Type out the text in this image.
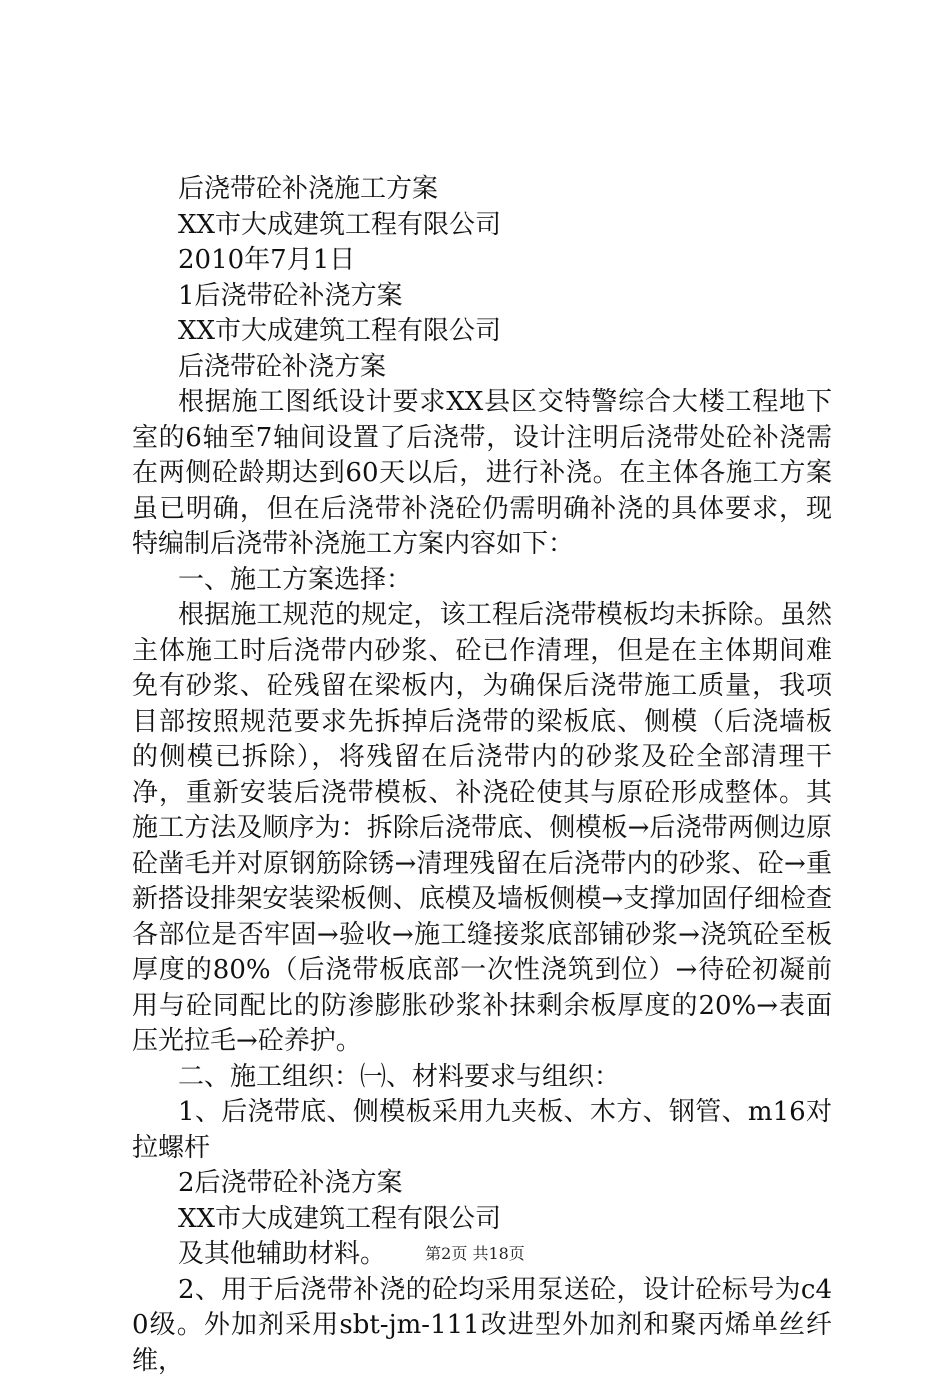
后浇带砼补浇施工方案
XX市大成建筑工程有限公司
2010年7月1日
1后浇带砼补浇方案
XX市大成建筑工程有限公司
后浇带砼补浇方案

根据施工图纸设计要求XX县区交特警综合大楼工程地下室的6轴至7轴间设置了后浇带，设计注明后浇带处砼补浇需在两侧砼龄期达到60天以后，进行补浇。在主体各施工方案虽已明确，但在后浇带补浇砼仍需明确补浇的具体要求，现特编制后浇带补浇施工方案内容如下：

一、施工方案选择：

根据施工规范的规定，该工程后浇带模板均未拆除。虽然主体施工时后浇带内砂浆、砼已作清理，但是在主体期间难免有砂浆、砼残留在梁板内，为确保后浇带施工质量，我项目部按照规范要求先拆掉后浇带的梁板底、侧模（后浇墙板的侧模已拆除），将残留在后浇带内的砂浆及砼全部清理干净，重新安装后浇带模板、补浇砼使其与原砼形成整体。其施工方法及顺序为：拆除后浇带底、侧模板→后浇带两侧边原砼凿毛并对原钢筋除锈→清理残留在后浇带内的砂浆、砼→重新搭设排架安装梁板侧、底模及墙板侧模→支撑加固仔细检查各部位是否牢固→验收→施工缝接浆底部铺砂浆→浇筑砼至板厚度的80%（后浇带板底部一次性浇筑到位）→待砼初凝前用与砼同配比的防渗膨胀砂浆补抹剩余板厚度的20%→表面压光拉毛→砼养护。

二、施工组织：㈠、材料要求与组织：

1、后浇带底、侧模板采用九夹板、木方、钢管、m16对拉螺杆

2后浇带砼补浇方案
XX市大成建筑工程有限公司
及其他辅助材料。

2、用于后浇带补浇的砼均采用泵送砼，设计砼标号为c40级。外加剂采用sbt-jm-111改进型外加剂和聚丙烯单丝纤维，

第2页 共18页
